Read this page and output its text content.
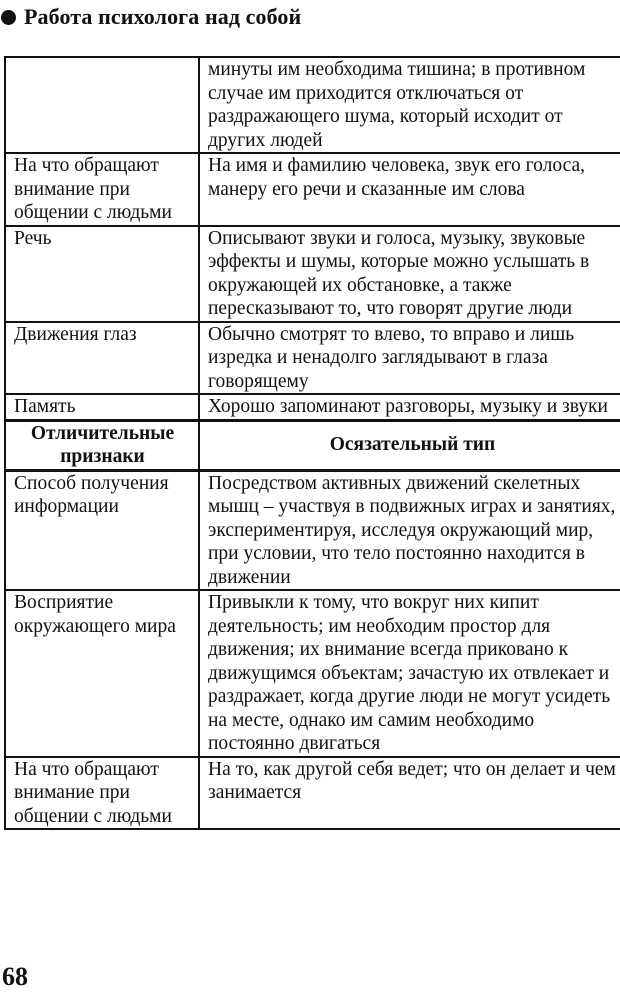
Работа психолога над собой
	минуты им необходима тишина; в противном случае им приходится отключаться от раздражающего шума, который исходит от других людей
На что обращают внимание при общении с людьми	На имя и фамилию человека, звук его голоса, манеру его речи и сказанные им слова
Речь	Описывают звуки и голоса, музыку, звуковые эффекты и шумы, которые можно услышать в окружающей их обстановке, а также пересказывают то, что говорят другие люди
Движения глаз	Обычно смотрят то влево, то вправо и лишь изредка и ненадолго заглядывают в глаза говорящему
Память	Хорошо запоминают разговоры, музыку и звуки
Отличительные признаки	Осязательный тип
Способ получения информации	Посредством активных движений скелетных мышц – участвуя в подвижных играх и занятиях, экспериментируя, исследуя окружающий мир, при условии, что тело постоянно находится в движении
Восприятие окружающего мира	Привыкли к тому, что вокруг них кипит деятельность; им необходим простор для движения; их внимание всегда приковано к движущимся объектам; зачастую их отвлекает и раздражает, когда другие люди не могут усидеть на месте, однако им самим необходимо постоянно двигаться
На что обращают внимание при общении с людьми	На то, как другой себя ведет; что он делает и чем занимается
68
